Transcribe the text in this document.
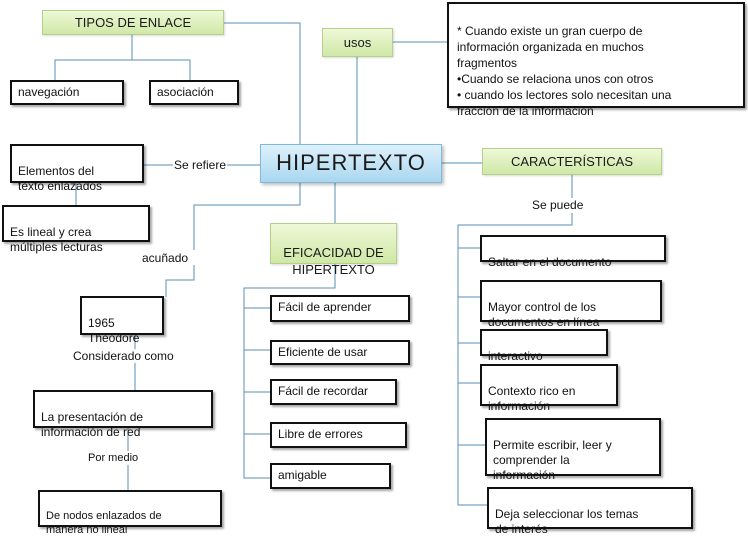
TIPOS DE ENLACE
navegación	asociación
usos

* Cuando existe un gran cuerpo de
información organizada en muchos
fragmentos
•Cuando se relaciona unos con otros
• cuando los lectores solo necesitan una
fracción de la información

HIPERTEXTO	CARACTERÍSTICAS
Se puede

Saltar en el documento

Mayor control de los
documentos en línea

interactivo

Contexto rico en
información

Permite escribir, leer y
comprender la
información

Deja seleccionar los temas
de interés

EFICACIDAD DE
HIPERTEXTO

Fácil de aprender
Eficiente de usar
Fácil de recordar
Libre de errores
amigable
Se refiere

Elementos del
texto enlazados

Es lineal y crea
múltiples lecturas

acuñado

1965
Theodore

Considerado como

La presentación de
información de red

Por medio

De nodos enlazados de
manera no lineal
